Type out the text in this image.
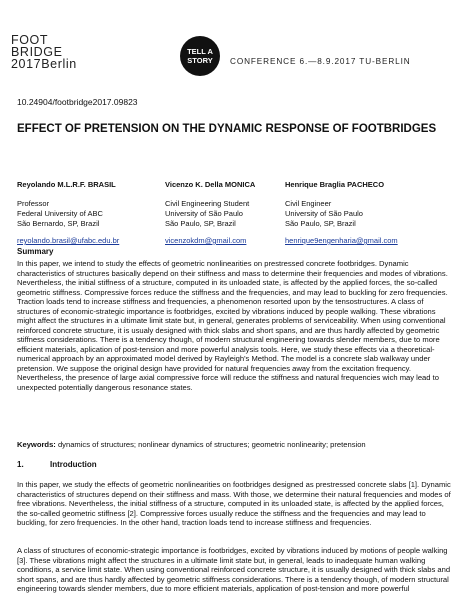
FOOT
BRIDGE
2017Berlin
TELL A
STORY CONFERENCE 6.—8.9.2017 TU-BERLIN
10.24904/footbridge2017.09823
EFFECT OF PRETENSION ON THE DYNAMIC RESPONSE OF FOOTBRIDGES
Reyolando M.L.R.F. BRASIL
Professor
Federal University of ABC
São Bernardo, SP, Brazil
reyolando.brasil@ufabc.edu.br
Vicenzo K. Della MONICA
Civil Engineering Student
University of São Paulo
São Paulo, SP, Brazil
vicenzokdm@gmail.com
Henrique Braglia PACHECO
Civil Engineer
University of São Paulo
São Paulo, SP, Brazil
henrique9engenharia@gmail.com
Summary
In this paper, we intend to study the effects of geometric nonlinearities on prestressed concrete footbridges. Dynamic characteristics of structures basically depend on their stiffness and mass to determine their frequencies and modes of vibrations. Nevertheless, the initial stiffness of a structure, computed in its unloaded state, is affected by the applied forces, the so-called geometric stiffness. Compressive forces reduce the stiffness and the frequencies, and may lead to buckling for zero frequencies. Traction loads tend to increase stiffness and frequencies, a phenomenon resorted upon by the tensostructures. A class of structures of economic-strategic importance is footbridges, excited by vibrations induced by people walking. These vibrations might affect the structures in a ultimate limit state but, in general, generates problems of serviceability. When using conventional reinforced concrete structure, it is usualy designed with thick slabs and short spans, and are thus hardly affected by geometric stiffness considerations. There is a tendency though, of modern structural engineering towards slender members, due to more efficient materials, aplication of post-tension and more powerful analysis tools. Here, we study these effects via a theoretical-numerical approach by an approximated model derived by Rayleigh's Method. The model is a concrete slab walkway under pretension. We suppose the original design have provided for natural frequencies away from the excitation frequency. Nevertheless, the presence of large axial compressive force will reduce the stiffness and natural frequencies wich may lead to unexpected potentially dangerous resonance states.
Keywords: dynamics of structures; nonlinear dynamics of structures; geometric nonlinearity; pretension
1.	Introduction
In this paper, we study the effects of geometric nonlinearities on footbridges designed as prestressed concrete slabs [1]. Dynamic characteristics of structures depend on their stiffness and mass. With those, we determine their natural frequencies and modes of free vibrations. Nevertheless, the initial stiffness of a structure, computed in its unloaded state, is affected by the applied forces, the so-called geometric stiffness [2]. Compressive forces usually reduce the stiffness and the frequencies and may lead to buckling, for zero frequencies. In the other hand, traction loads tend to increase stiffness and frequencies.
A class of structures of economic-strategic importance is footbridges, excited by vibrations induced by motions of people walking [3]. These vibrations might affect the structures in a ultimate limit state but, in general, leads to inadequate human walking conditions, a service limit state. When using conventional reinforced concrete structure, it is usually designed with thick slabs and short spans, and are thus hardly affected by geometric stiffness considerations. There is a tendency though, of modern structural engineering towards slender members, due to more efficient materials, application of post-tension and more powerful
